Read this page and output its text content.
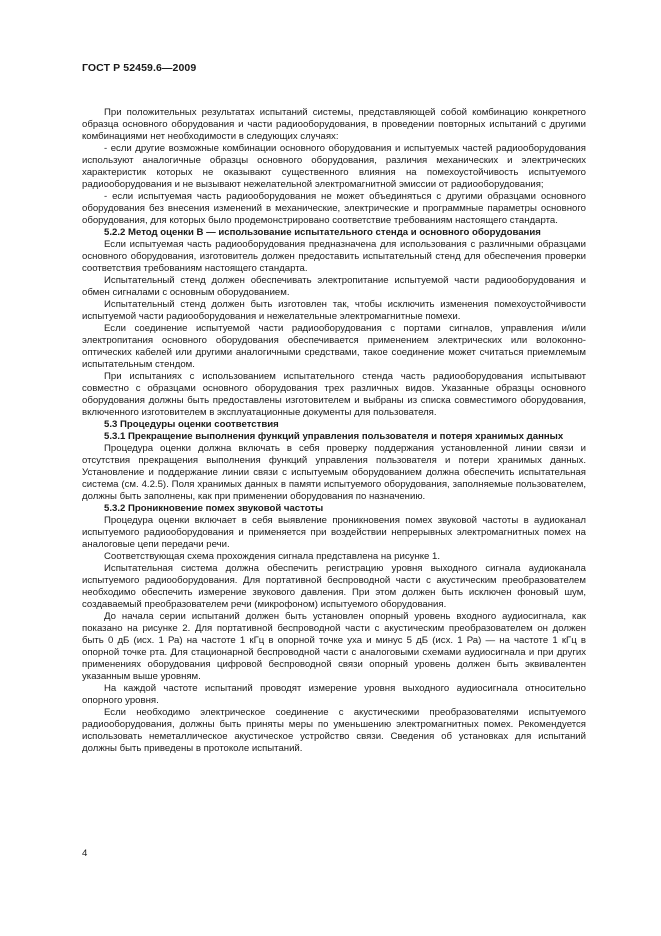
ГОСТ Р 52459.6—2009

При положительных результатах испытаний системы, представляющей собой комбинацию конкретного образца основного оборудования и части радиооборудования, в проведении повторных испытаний с другими комбинациями нет необходимости в следующих случаях:

- если другие возможные комбинации основного оборудования и испытуемых частей радиооборудования используют аналогичные образцы основного оборудования, различия механических и электрических характеристик которых не оказывают существенного влияния на помехоустойчивость испытуемого радиооборудования и не вызывают нежелательной электромагнитной эмиссии от радиооборудования;

- если испытуемая часть радиооборудования не может объединяться с другими образцами основного оборудования без внесения изменений в механические, электрические и программные параметры основного оборудования, для которых было продемонстрировано соответствие требованиям настоящего стандарта.

5.2.2 Метод оценки В — использование испытательного стенда и основного оборудования

Если испытуемая часть радиооборудования предназначена для использования с различными образцами основного оборудования, изготовитель должен предоставить испытательный стенд для обеспечения проверки соответствия требованиям настоящего стандарта.

Испытательный стенд должен обеспечивать электропитание испытуемой части радиооборудования и обмен сигналами с основным оборудованием.

Испытательный стенд должен быть изготовлен так, чтобы исключить изменения помехоустойчивости испытуемой части радиооборудования и нежелательные электромагнитные помехи.

Если соединение испытуемой части радиооборудования с портами сигналов, управления и/или электропитания основного оборудования обеспечивается применением электрических или волоконно-оптических кабелей или другими аналогичными средствами, такое соединение может считаться приемлемым испытательным стендом.

При испытаниях с использованием испытательного стенда часть радиооборудования испытывают совместно с образцами основного оборудования трех различных видов. Указанные образцы основного оборудования должны быть предоставлены изготовителем и выбраны из списка совместимого оборудования, включенного изготовителем в эксплуатационные документы для пользователя.

5.3 Процедуры оценки соответствия

5.3.1 Прекращение выполнения функций управления пользователя и потеря хранимых данных

Процедура оценки должна включать в себя проверку поддержания установленной линии связи и отсутствия прекращения выполнения функций управления пользователя и потери хранимых данных. Установление и поддержание линии связи с испытуемым оборудованием должна обеспечить испытательная система (см. 4.2.5). Поля хранимых данных в памяти испытуемого оборудования, заполняемые пользователем, должны быть заполнены, как при применении оборудования по назначению.

5.3.2 Проникновение помех звуковой частоты

Процедура оценки включает в себя выявление проникновения помех звуковой частоты в аудиоканал испытуемого радиооборудования и применяется при воздействии непрерывных электромагнитных помех на аналоговые цепи передачи речи.

Соответствующая схема прохождения сигнала представлена на рисунке 1.

Испытательная система должна обеспечить регистрацию уровня выходного сигнала аудиоканала испытуемого радиооборудования. Для портативной беспроводной части с акустическим преобразователем необходимо обеспечить измерение звукового давления. При этом должен быть исключен фоновый шум, создаваемый преобразователем речи (микрофоном) испытуемого оборудования.

До начала серии испытаний должен быть установлен опорный уровень входного аудиосигнала, как показано на рисунке 2. Для портативной беспроводной части с акустическим преобразователем он должен быть 0 дБ (исх. 1 Ра) на частоте 1 кГц в опорной точке уха и минус 5 дБ (исх. 1 Ра) — на частоте 1 кГц в опорной точке рта. Для стационарной беспроводной части с аналоговыми схемами аудиосигнала и при других применениях оборудования цифровой беспроводной связи опорный уровень должен быть эквивалентен указанным выше уровням.

На каждой частоте испытаний проводят измерение уровня выходного аудиосигнала относительно опорного уровня.

Если необходимо электрическое соединение с акустическими преобразователями испытуемого радиооборудования, должны быть приняты меры по уменьшению электромагнитных помех. Рекомендуется использовать неметаллическое акустическое устройство связи. Сведения об установках для испытаний должны быть приведены в протоколе испытаний.

4
